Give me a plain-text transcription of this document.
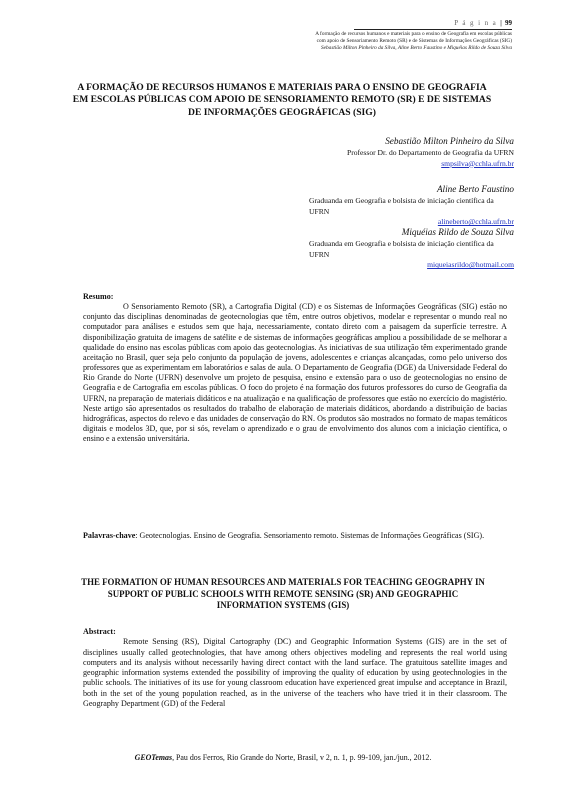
P á g i n a | 99
A formação de recursos humanos e materiais para o ensino de Geografia em escolas públicas
com apoio de Sensoriamento Remoto (SR) e de Sistemas de Informações Geográficas (SIG)
Sebastião Milton Pinheiro da Silva, Aline Berto Faustino e Miquéias Rildo de Souza Silva
A FORMAÇÃO DE RECURSOS HUMANOS E MATERIAIS PARA O ENSINO DE GEOGRAFIA EM ESCOLAS PÚBLICAS COM APOIO DE SENSORIAMENTO REMOTO (SR) E DE SISTEMAS DE INFORMAÇÕES GEOGRÁFICAS (SIG)
Sebastião Milton Pinheiro da Silva
Professor Dr. do Departamento de Geografia da UFRN
smpsilva@cchla.ufrn.br
Aline Berto Faustino
Graduanda em Geografia e bolsista de iniciação científica da UFRN
alineberto@cchla.ufrn.br
Miquéias Rildo de Souza Silva
Graduanda em Geografia e bolsista de iniciação científica da UFRN
miqueiasrildo@hotmail.com
Resumo:
O Sensoriamento Remoto (SR), a Cartografia Digital (CD) e os Sistemas de Informações Geográficas (SIG) estão no conjunto das disciplinas denominadas de geotecnologias que têm, entre outros objetivos, modelar e representar o mundo real no computador para análises e estudos sem que haja, necessariamente, contato direto com a paisagem da superfície terrestre. A disponibilização gratuita de imagens de satélite e de sistemas de informações geográficas ampliou a possibilidade de se melhorar a qualidade do ensino nas escolas públicas com apoio das geotecnologias. As iniciativas de sua utilização têm experimentado grande aceitação no Brasil, quer seja pelo conjunto da população de jovens, adolescentes e crianças alcançadas, como pelo universo dos professores que as experimentam em laboratórios e salas de aula. O Departamento de Geografia (DGE) da Universidade Federal do Rio Grande do Norte (UFRN) desenvolve um projeto de pesquisa, ensino e extensão para o uso de geotecnologias no ensino de Geografia e de Cartografia em escolas públicas. O foco do projeto é na formação dos futuros professores do curso de Geografia da UFRN, na preparação de materiais didáticos e na atualização e na qualificação de professores que estão no exercício do magistério. Neste artigo são apresentados os resultados do trabalho de elaboração de materiais didáticos, abordando a distribuição de bacias hidrográficas, aspectos do relevo e das unidades de conservação do RN. Os produtos são mostrados no formato de mapas temáticos digitais e modelos 3D, que, por si sós, revelam o aprendizado e o grau de envolvimento dos alunos com a iniciação científica, o ensino e a extensão universitária.
Palavras-chave: Geotecnologias. Ensino de Geografia. Sensoriamento remoto. Sistemas de Informações Geográficas (SIG).
THE FORMATION OF HUMAN RESOURCES AND MATERIALS FOR TEACHING GEOGRAPHY IN SUPPORT OF PUBLIC SCHOOLS WITH REMOTE SENSING (SR) AND GEOGRAPHIC INFORMATION SYSTEMS (GIS)
Abstract:
Remote Sensing (RS), Digital Cartography (DC) and Geographic Information Systems (GIS) are in the set of disciplines usually called geotechnologies, that have among others objectives modeling and represents the real world using computers and its analysis without necessarily having direct contact with the land surface. The gratuitous satellite images and geographic information systems extended the possibility of improving the quality of education by using geotechnologies in the public schools. The initiatives of its use for young classroom education have experienced great impulse and acceptance in Brazil, both in the set of the young population reached, as in the universe of the teachers who have tried it in their classroom. The Geography Department (GD) of the Federal
GEOTemas, Pau dos Ferros, Rio Grande do Norte, Brasil, v 2, n. 1, p. 99-109, jan./jun., 2012.
